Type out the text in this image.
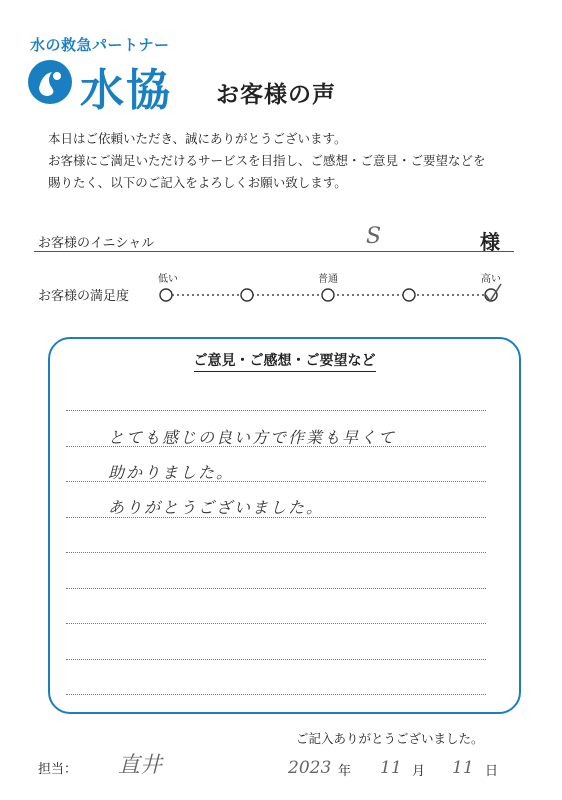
水の救急パートナー
水協 お客様の声

本日はご依頼いただき、誠にありがとうございます。

お客様にご満足いただけるサービスを目指し、ご感想・ご意見・ご要望などを

賜りたく、以下のご記入をよろしくお願い致します。

お客様のイニシャル	S	様
お客様の満足度
低い	普通	高い
ご意見・ご感想・ご要望など
とても感じの良い方で作業も早くて
助かりました。
ありがとうございました。
ご記入ありがとうございました。
担当： 直井	2023 年 11 月 11 日
